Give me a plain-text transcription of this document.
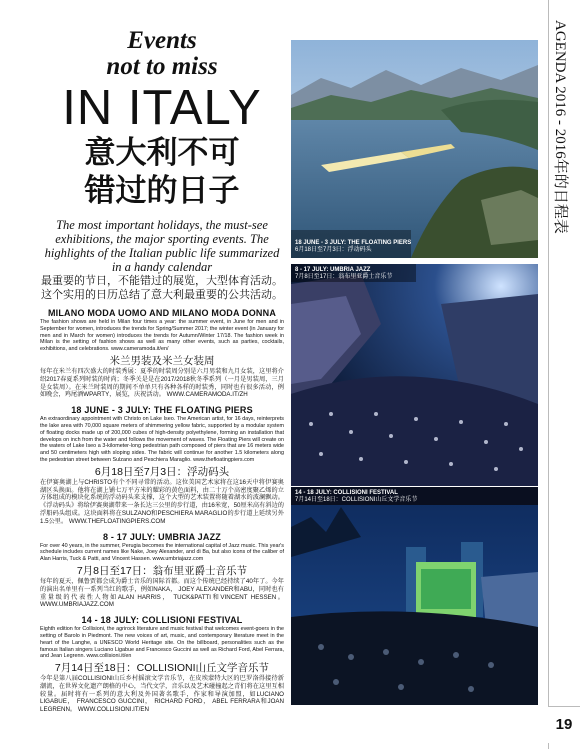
AGENDA 2016 - 2016年的日程表
Events
not to miss
IN ITALY
意大利不可
错过的日子
The most important holidays, the must-see exhibitions, the major sporting events. The highlights of the Italian public life summarized in a handy calendar
最重要的节日，不能错过的展览，大型体育活动。这个实用的日历总结了意大利最重要的公共活动。
MILANO MODA UOMO AND MILANO MODA DONNA
The fashion shows are held in Milan four times a year: the summer event, in June for men and in September for women, introduces the trends for Spring/Summer 2017; the winter event (in January for men and in March for women) introduces the trends for Autumn/Winter 17/18. The fashion week in Milan is the setting of fashion shows as well as many other events, such as parties, cocktails, exhibitions, and celebrations. www.cameramoda.it/en/
米兰男装及米兰女装周
每年在米兰有四次盛大的时装秀展：夏季的时装周分别是六月男装和九月女装，这里将介绍2017春夏系列时装的时尚；冬季关是是在2017/2018秋冬季系列（一月是男装周，三月是女装周）。在米兰时装周的期间不单单只有各种各样的时装秀，同时也有很多活动，例如晚会，鸡尾酒WPARTY，展览，庆祝活动。 WWW.CAMERAMODA.IT/ZH
18 JUNE - 3 JULY: THE FLOATING PIERS
An extraordinary appointment with Christo on Lake Iseo. The American artist, for 16 days, reinterprets the lake area with 70,000 square meters of shimmering yellow fabric, supported by a modular system of floating docks made up of 200,000 cubes of high-density polyethylene, forming an installation that develops on inch from the water and follows the movement of waves. The Floating Piers will create on the waters of Lake Iseo a 3-kilometer-long pedestrian path composed of piers that are 16 meters wide and 50 centimeters high with sloping sides. The fabric will continue for another 1.5 kilometers along the pedestrian street between Sulzano and Peschiera Maraglio. www.thefloatingpiers.com
6月18日至7月3日：浮动码头
在伊赛奥湖上与CHRISTO有个不同寻常的活动。这位美国艺术家将在这16天中将伊赛奥湖区头换面。他将在湖上铺七万平方米的耀彩的黄色面料，由二十万个高密度聚乙烯的立方体组成的模块化系统的浮动码头来支撑，这个大型的艺术装置将随着湖水的波澜飘动。《浮动码头》将给伊赛奥湖带来一条长达三公里的步行道，由16米宽，50厘米高有斜边的浮船码头组成。这块面料将在SULZANO和PESCHIERA MARAGLIO的步行道上延续另外1.5公里。 WWW.THEFLOATINGPIERS.COM
8 - 17 JULY: UMBRIA JAZZ
For over 40 years, in the summer, Perugia becomes the international capital of Jazz music. This year's schedule includes current names like Nake, Joey Alexander, and di Ba, but also icons of the caliber of Alan Harris, Tuck & Patti, and Vincent Hassen. www.umbriajazz.com
7月8日至17日：翁布里亚爵士音乐节
每年的夏天，佩鲁贾都会成为爵士音乐的国际首都。而这个传统已经持续了40年了。今年的演出名单里有一系列当红的歌手，例如NAKA， JOEY ALEXANDER和ABU，同时也有重量级的代表性人物如ALAN HARRIS， TUCK&PATTI和VINCENT HESSEN。 WWW.UMBRIAJAZZ.COM
14 - 18 JULY: COLLISIONI FESTIVAL
Eighth edition for Collisioni, the agrirock literature and music festival that welcomes event-goers in the setting of Barolo in Piedmont. The new voices of art, music, and contemporary literature meet in the heart of the Langhe, a UNESCO World Heritage site. On the billboard, personalities such as the famous Italian singers Luciano Ligabue and Francesco Guccini as well as Richard Ford, Abel Ferrara, and Jean Legrenn. www.collisioni.it/en
7月14日至18日：COLLISIONI山丘文学音乐节
今年是第八届COLLISIONI山丘乡村摇滚文学音乐节，在皮埃蒙特大区的巴罗洛得接待新潮流，在世界文化遗产朗格的中心，当代文学，音乐以及艺术碰撞起之青们将在这里互相较量。届时将有一系列的意大利及外国著名歌手，作家和导演加盟，如LUCIANO LIGABUE， FRANCESCO GUCCINI， RICHARD FORD， ABEL FERRARA和JOAN LEGRENN。 WWW.COLLISIONI.IT/EN
18 JUNE - 3 JULY: THE FLOATING PIERS
6月18日至7月3日：浮动码头
8 - 17 JULY: UMBRIA JAZZ
7月8日至17日：翁布里亚爵士音乐节
14 - 18 JULY: COLLISIONI FESTIVAL
7月14日至18日：COLLISIONI山丘文学音乐节
19
